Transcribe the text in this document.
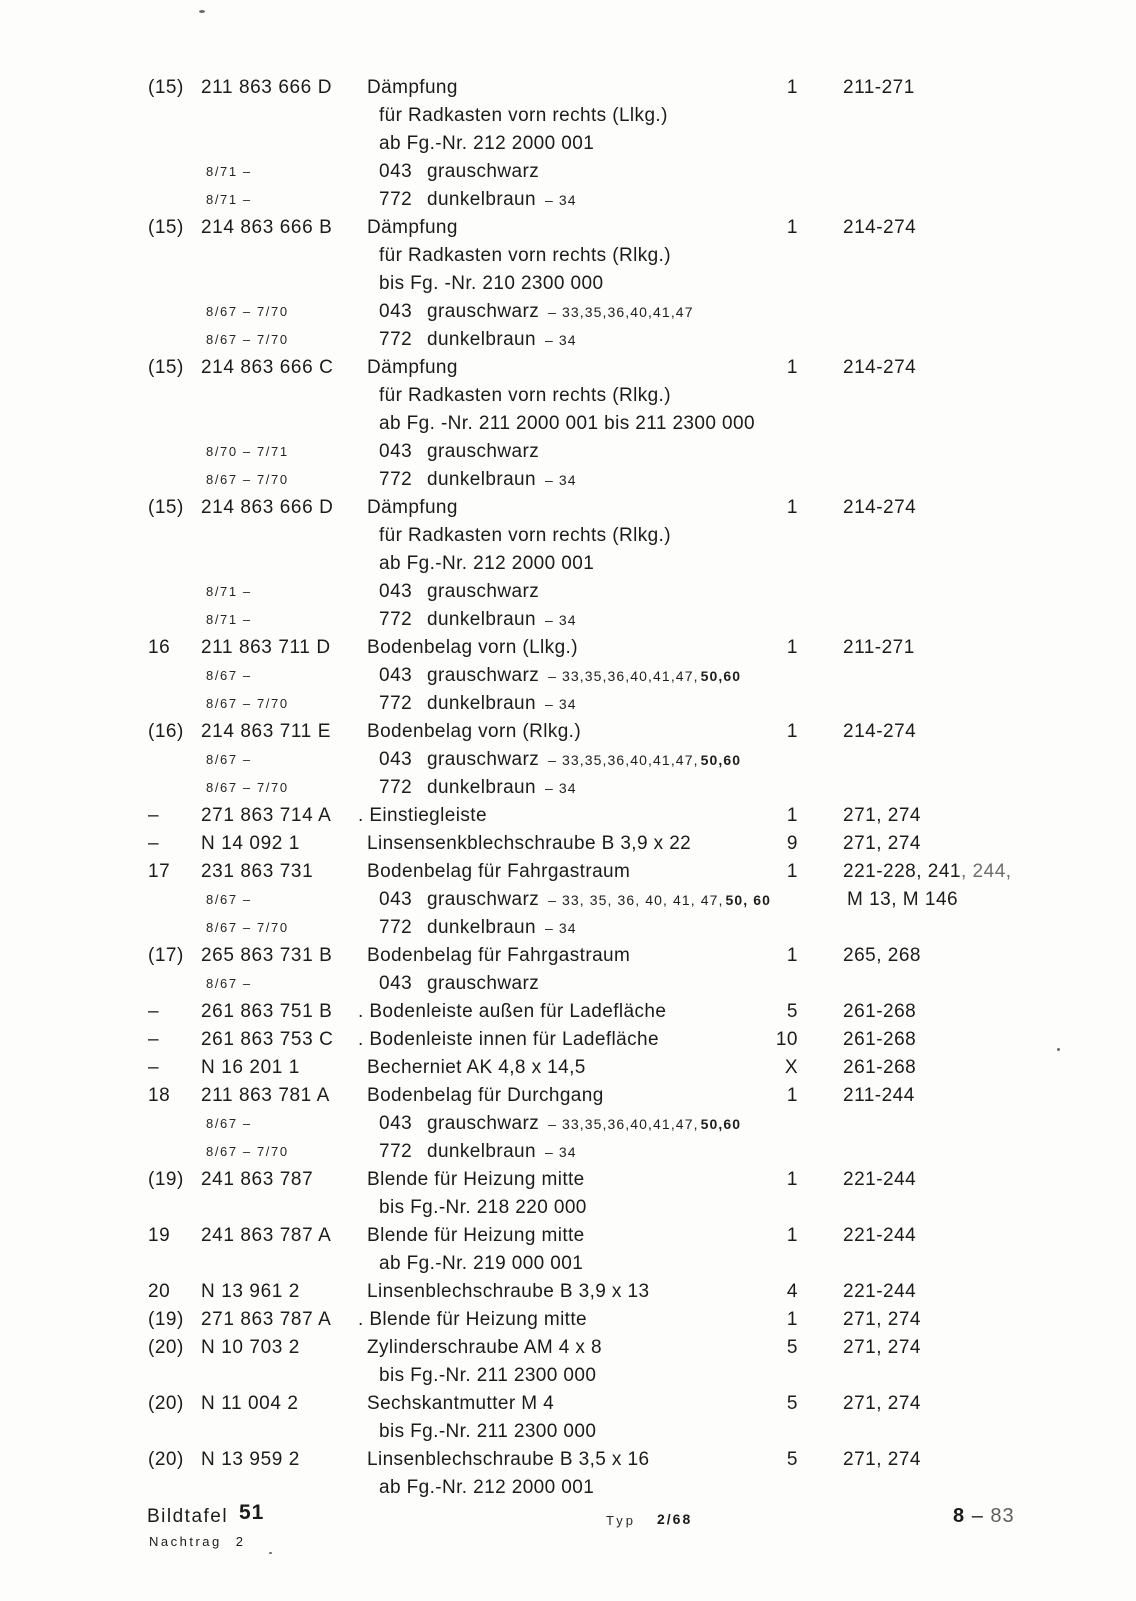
(15) 211 863 666 D Dämpfung	1 211-271
für Radkasten vorn rechts (Llkg.)
ab Fg.-Nr. 212 2000 001
8/71 –	043 grauschwarz
8/71 –	772 dunkelbraun – 34
(15) 214 863 666 B Dämpfung	1 214-274
für Radkasten vorn rechts (Rlkg.)
bis Fg. -Nr. 210 2300 000
8/67 – 7/70	043 grauschwarz – 33,35,36,40,41,47
8/67 – 7/70	772 dunkelbraun – 34
(15) 214 863 666 C Dämpfung	1 214-274
für Radkasten vorn rechts (Rlkg.)
ab Fg. -Nr. 211 2000 001 bis 211 2300 000
8/70 – 7/71	043 grauschwarz
8/67 – 7/70	772 dunkelbraun – 34
(15) 214 863 666 D Dämpfung	1 214-274
für Radkasten vorn rechts (Rlkg.)
ab Fg.-Nr. 212 2000 001
8/71 –	043 grauschwarz
8/71 –	772 dunkelbraun – 34
16 211 863 711 D Bodenbelag vorn (Llkg.)	1 211-271
8/67 –	043 grauschwarz – 33,35,36,40,41,47, 50,60
8/67 – 7/70	772 dunkelbraun – 34
(16) 214 863 711 E Bodenbelag vorn (Rlkg.)	1 214-274
8/67 –	043 grauschwarz – 33,35,36,40,41,47, 50,60
8/67 – 7/70	772 dunkelbraun – 34
– 271 863 714 A . Einstiegleiste	1 271, 274
– N 14 092 1	Linsensenkblechschraube B 3,9 x 22	9 271, 274
17 231 863 731	Bodenbelag für Fahrgastraum	1 221-228, 241, 244,
8/67 –	043 grauschwarz – 33, 35, 36, 40, 41, 47, 50, 60	M 13, M 146
8/67 – 7/70	772 dunkelbraun – 34
(17) 265 863 731 B Bodenbelag für Fahrgastraum	1 265, 268
8/67 –	043 grauschwarz
– 261 863 751 B . Bodenleiste außen für Ladefläche	5 261-268
– 261 863 753 C . Bodenleiste innen für Ladefläche	10 261-268
– N 16 201 1	Becherniet AK 4,8 x 14,5	X 261-268
18 211 863 781 A Bodenbelag für Durchgang	1 211-244
8/67 –	043 grauschwarz – 33,35,36,40,41,47, 50,60
8/67 – 7/70	772 dunkelbraun – 34
(19) 241 863 787	Blende für Heizung mitte	1 221-244
bis Fg.-Nr. 218 220 000
19 241 863 787 A Blende für Heizung mitte	1 221-244
ab Fg.-Nr. 219 000 001
20 N 13 961 2	Linsenblechschraube B 3,9 x 13	4 221-244
(19) 271 863 787 A . Blende für Heizung mitte	1 271, 274
(20) N 10 703 2	Zylinderschraube AM 4 x 8	5 271, 274
bis Fg.-Nr. 211 2300 000
(20) N 11 004 2	Sechskantmutter M 4	5 271, 274
bis Fg.-Nr. 211 2300 000
(20) N 13 959 2	Linsenblechschraube B 3,5 x 16	5 271, 274
ab Fg.-Nr. 212 2000 001
Bildtafel 51
Nachtrag 2
Typ 2/68	8 – 83
